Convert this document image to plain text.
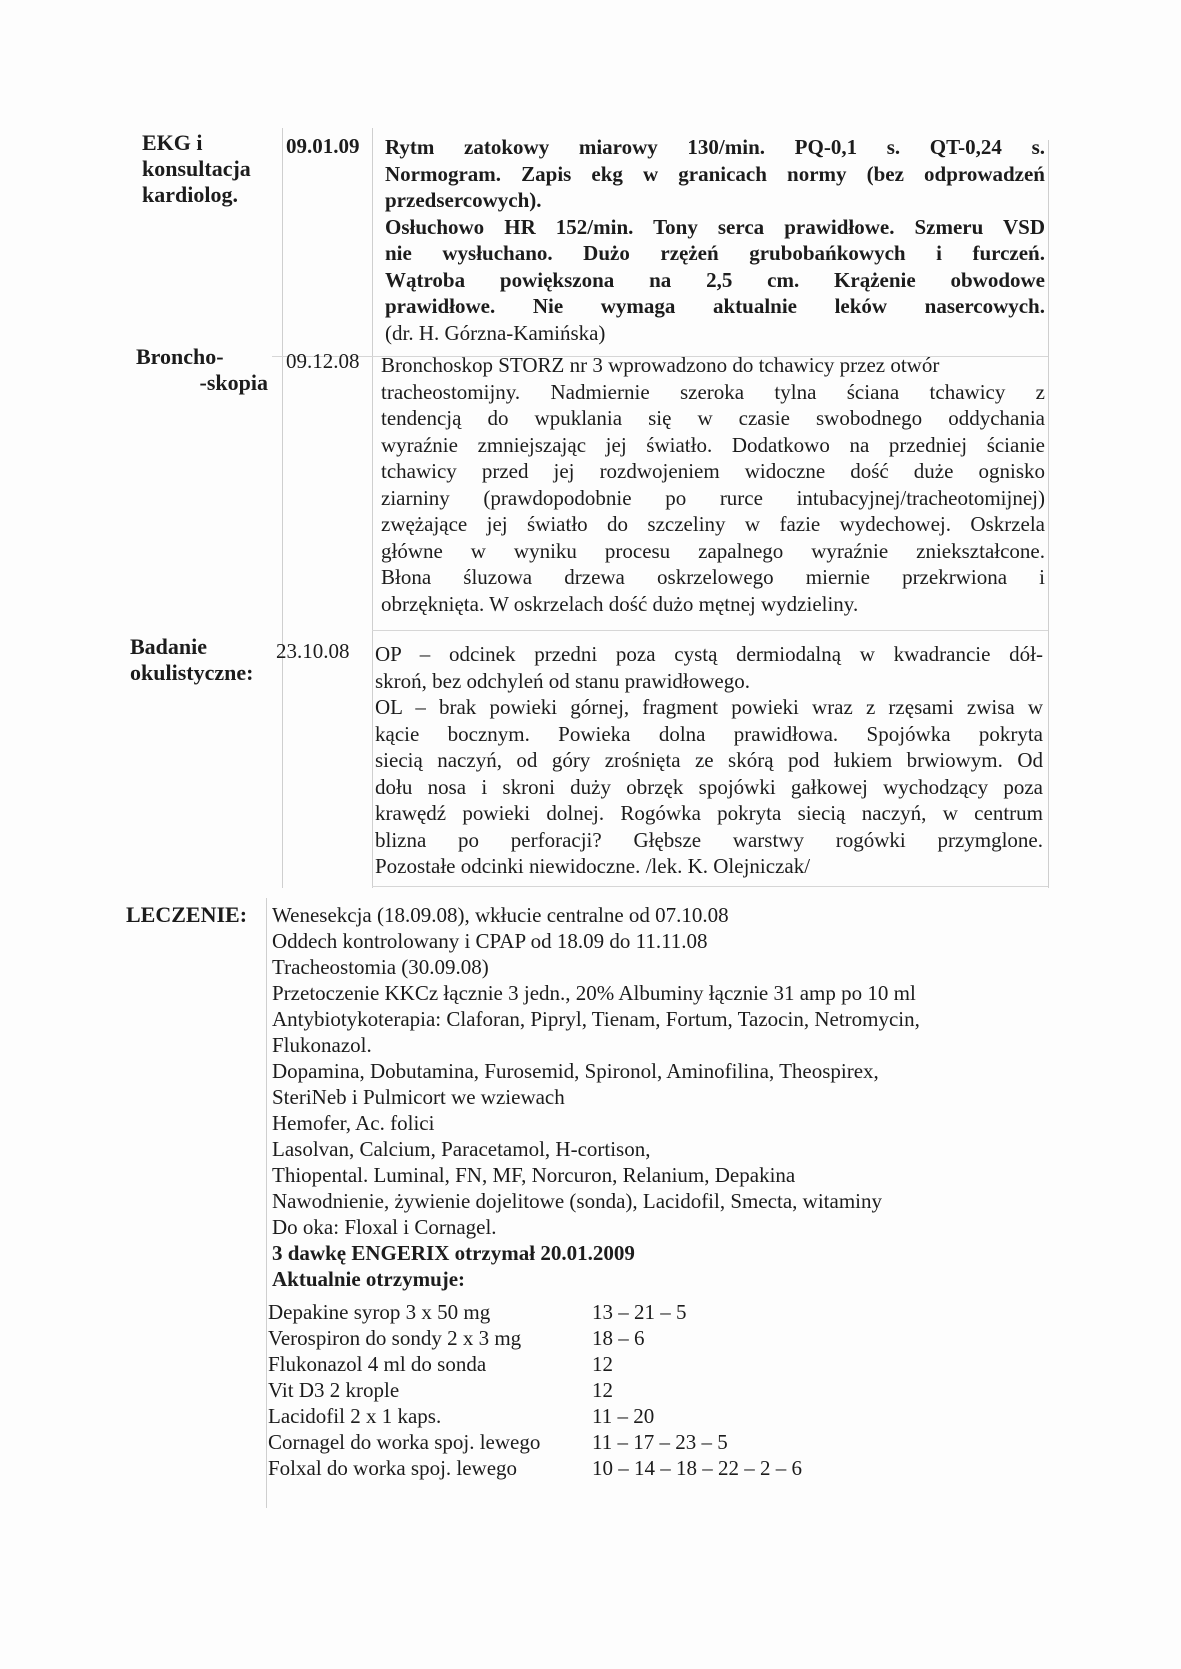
EKG i
konsultacja
kardiolog.
09.01.09 Rytm zatokowy miarowy 130/min. PQ-0,1 s. QT-0,24 s.
Normogram. Zapis ekg w granicach normy (bez odprowadzeń
przedsercowych).
Osłuchowo HR 152/min. Tony serca prawidłowe. Szmeru VSD
nie wysłuchano. Dużo rzężeń grubobańkowych i furczeń.
Wątroba powiększona na 2,5 cm. Krążenie obwodowe
prawidłowe. Nie wymaga aktualnie leków nasercowych.
(dr. H. Górzna-Kamińska)
Broncho-
-skopia
09.12.08 Bronchoskop STORZ nr 3 wprowadzono do tchawicy przez otwór
tracheostomijny. Nadmiernie szeroka tylna ściana tchawicy z
tendencją do wpuklania się w czasie swobodnego oddychania
wyraźnie zmniejszając jej światło. Dodatkowo na przedniej ścianie
tchawicy przed jej rozdwojeniem widoczne dość duże ognisko
ziarniny (prawdopodobnie po rurce intubacyjnej/tracheotomijnej)
zwężające jej światło do szczeliny w fazie wydechowej. Oskrzela
główne w wyniku procesu zapalnego wyraźnie zniekształcone.
Błona śluzowa drzewa oskrzelowego miernie przekrwiona i
obrzęknięta. W oskrzelach dość dużo mętnej wydzieliny.
Badanie
okulistyczne:
23.10.08 OP – odcinek przedni poza cystą dermiodalną w kwadrancie dół-
skroń, bez odchyleń od stanu prawidłowego.
OL – brak powieki górnej, fragment powieki wraz z rzęsami zwisa w
kącie bocznym. Powieka dolna prawidłowa. Spojówka pokryta
siecią naczyń, od góry zrośnięta ze skórą pod łukiem brwiowym. Od
dołu nosa i skroni duży obrzęk spojówki gałkowej wychodzący poza
krawędź powieki dolnej. Rogówka pokryta siecią naczyń, w centrum
blizna po perforacji? Głębsze warstwy rogówki przymglone.
Pozostałe odcinki niewidoczne. /lek. K. Olejniczak/
LECZENIE: Wenesekcja (18.09.08), wkłucie centralne od 07.10.08
Oddech kontrolowany i CPAP od 18.09 do 11.11.08
Tracheostomia (30.09.08)
Przetoczenie KKCz łącznie 3 jedn., 20% Albuminy łącznie 31 amp po 10 ml
Antybiotykoterapia: Claforan, Pipryl, Tienam, Fortum, Tazocin, Netromycin,
Flukonazol.
Dopamina, Dobutamina, Furosemid, Spironol, Aminofilina, Theospirex,
SteriNeb i Pulmicort we wziewach
Hemofer, Ac. folici
Lasolvan, Calcium, Paracetamol, H-cortison,
Thiopental. Luminal, FN, MF, Norcuron, Relanium, Depakina
Nawodnienie, żywienie dojelitowe (sonda), Lacidofil, Smecta, witaminy
Do oka: Floxal i Cornagel.
3 dawkę ENGERIX otrzymał 20.01.2009
Aktualnie otrzymuje:
Depakine syrop 3 x 50 mg	13 – 21 – 5
Verospiron do sondy 2 x 3 mg	18 – 6
Flukonazol 4 ml do sonda	12
Vit D3 2 krople	12
Lacidofil 2 x 1 kaps.	11 – 20
Cornagel do worka spoj. lewego	11 – 17 – 23 – 5
Folxal do worka spoj. lewego	10 – 14 – 18 – 22 – 2 – 6
